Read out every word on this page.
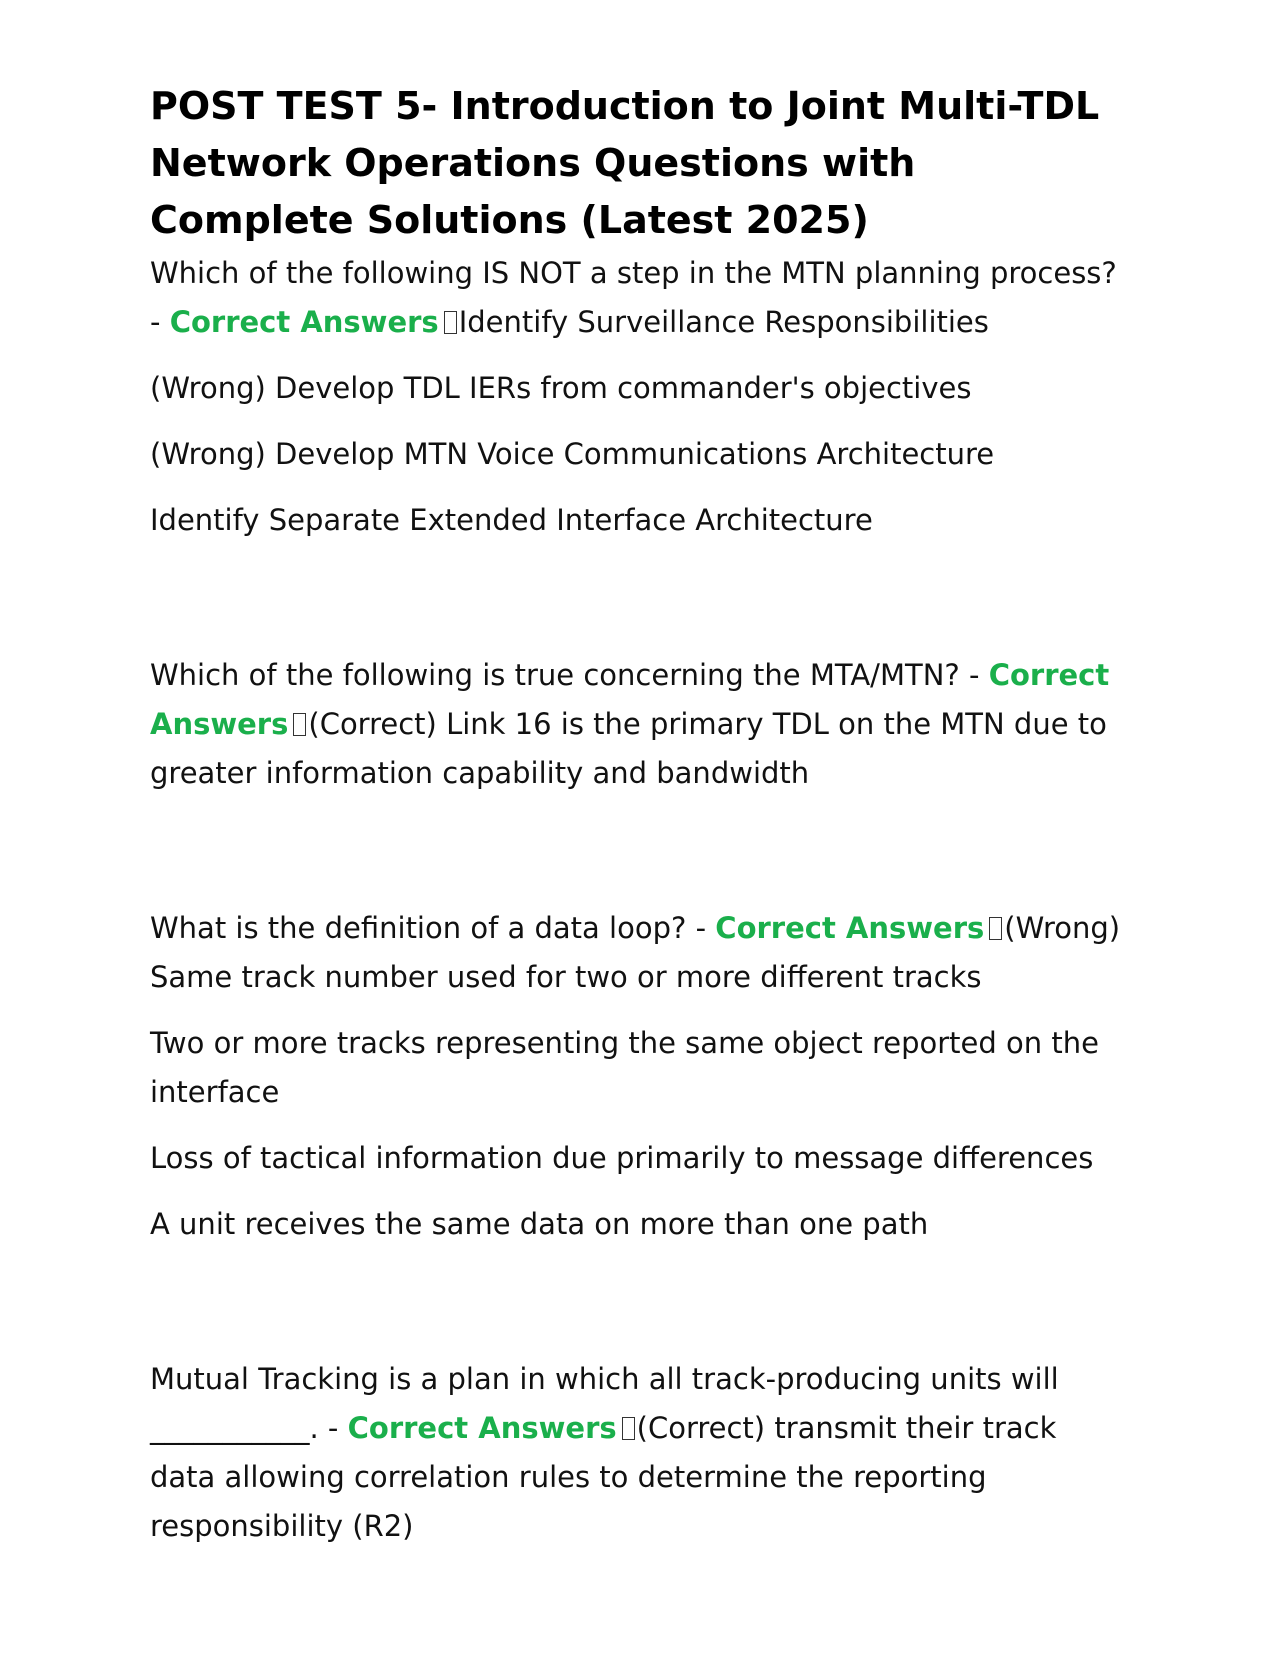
POST TEST 5- Introduction to Joint Multi-TDL Network Operations Questions with Complete Solutions (Latest 2025)

Which of the following IS NOT a step in the MTN planning process? - Correct Answers Identify Surveillance Responsibilities

(Wrong) Develop TDL IERs from commander's objectives

(Wrong) Develop MTN Voice Communications Architecture

Identify Separate Extended Interface Architecture

Which of the following is true concerning the MTA/MTN? - Correct Answers (Correct) Link 16 is the primary TDL on the MTN due to greater information capability and bandwidth

What is the definition of a data loop? - Correct Answers (Wrong) Same track number used for two or more different tracks

Two or more tracks representing the same object reported on the interface

Loss of tactical information due primarily to message differences

A unit receives the same data on more than one path

Mutual Tracking is a plan in which all track-producing units will ___________. - Correct Answers (Correct) transmit their track data allowing correlation rules to determine the reporting responsibility (R2)
